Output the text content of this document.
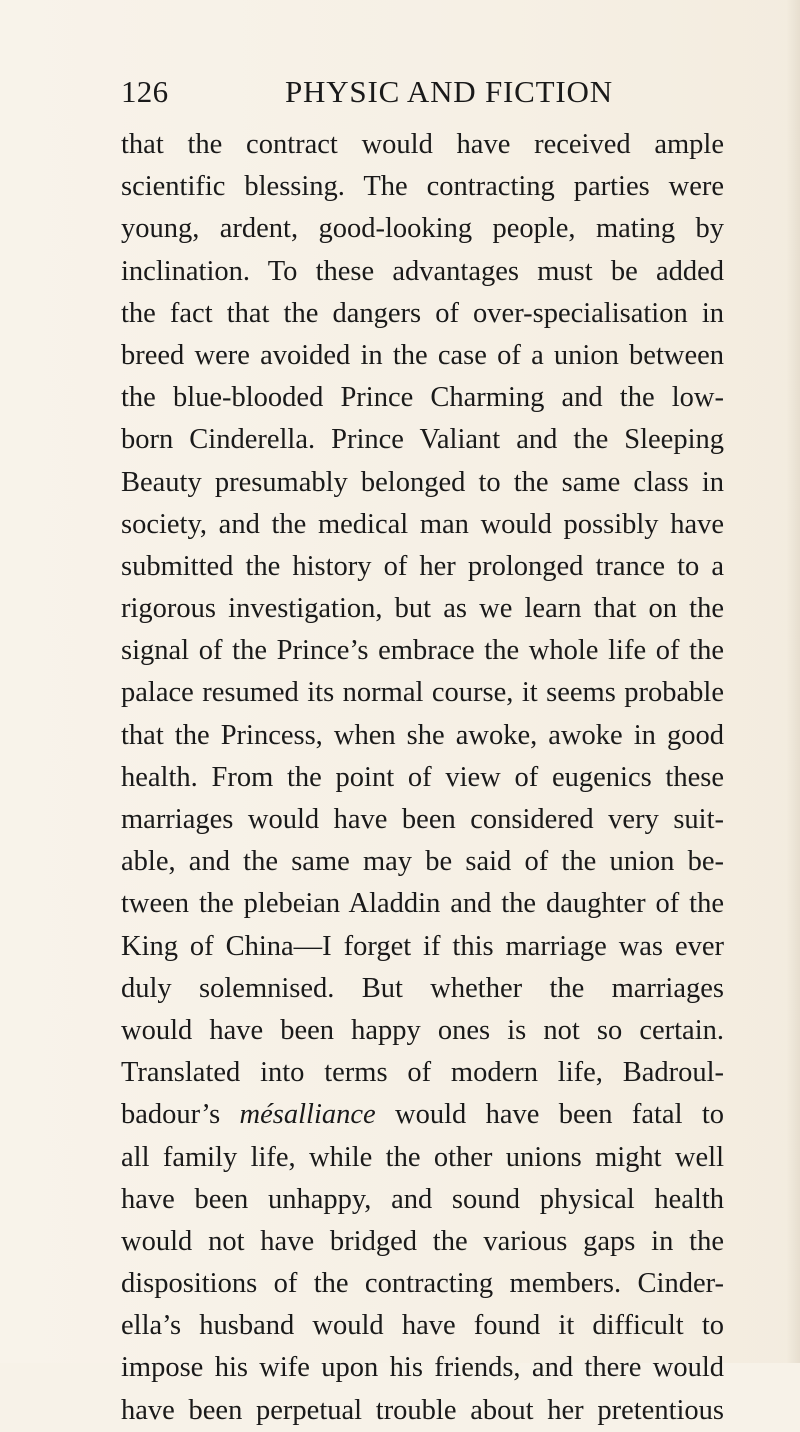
126	PHYSIC AND FICTION
that the contract would have received ample
scientific blessing. The contracting parties were
young, ardent, good-looking people, mating by
inclination. To these advantages must be added
the fact that the dangers of over-specialisation in
breed were avoided in the case of a union between
the blue-blooded Prince Charming and the low-
born Cinderella. Prince Valiant and the Sleeping
Beauty presumably belonged to the same class in
society, and the medical man would possibly have
submitted the history of her prolonged trance to a
rigorous investigation, but as we learn that on the
signal of the Prince’s embrace the whole life of the
palace resumed its normal course, it seems probable
that the Princess, when she awoke, awoke in good
health. From the point of view of eugenics these
marriages would have been considered very suit-
able, and the same may be said of the union be-
tween the plebeian Aladdin and the daughter of the
King of China—I forget if this marriage was ever
duly solemnised. But whether the marriages
would have been happy ones is not so certain.
Translated into terms of modern life, Badroul-
badour’s mésalliance would have been fatal to
all family life, while the other unions might well
have been unhappy, and sound physical health
would not have bridged the various gaps in the
dispositions of the contracting members. Cinder-
ella’s husband would have found it difficult to
impose his wife upon his friends, and there would
have been perpetual trouble about her pretentious
